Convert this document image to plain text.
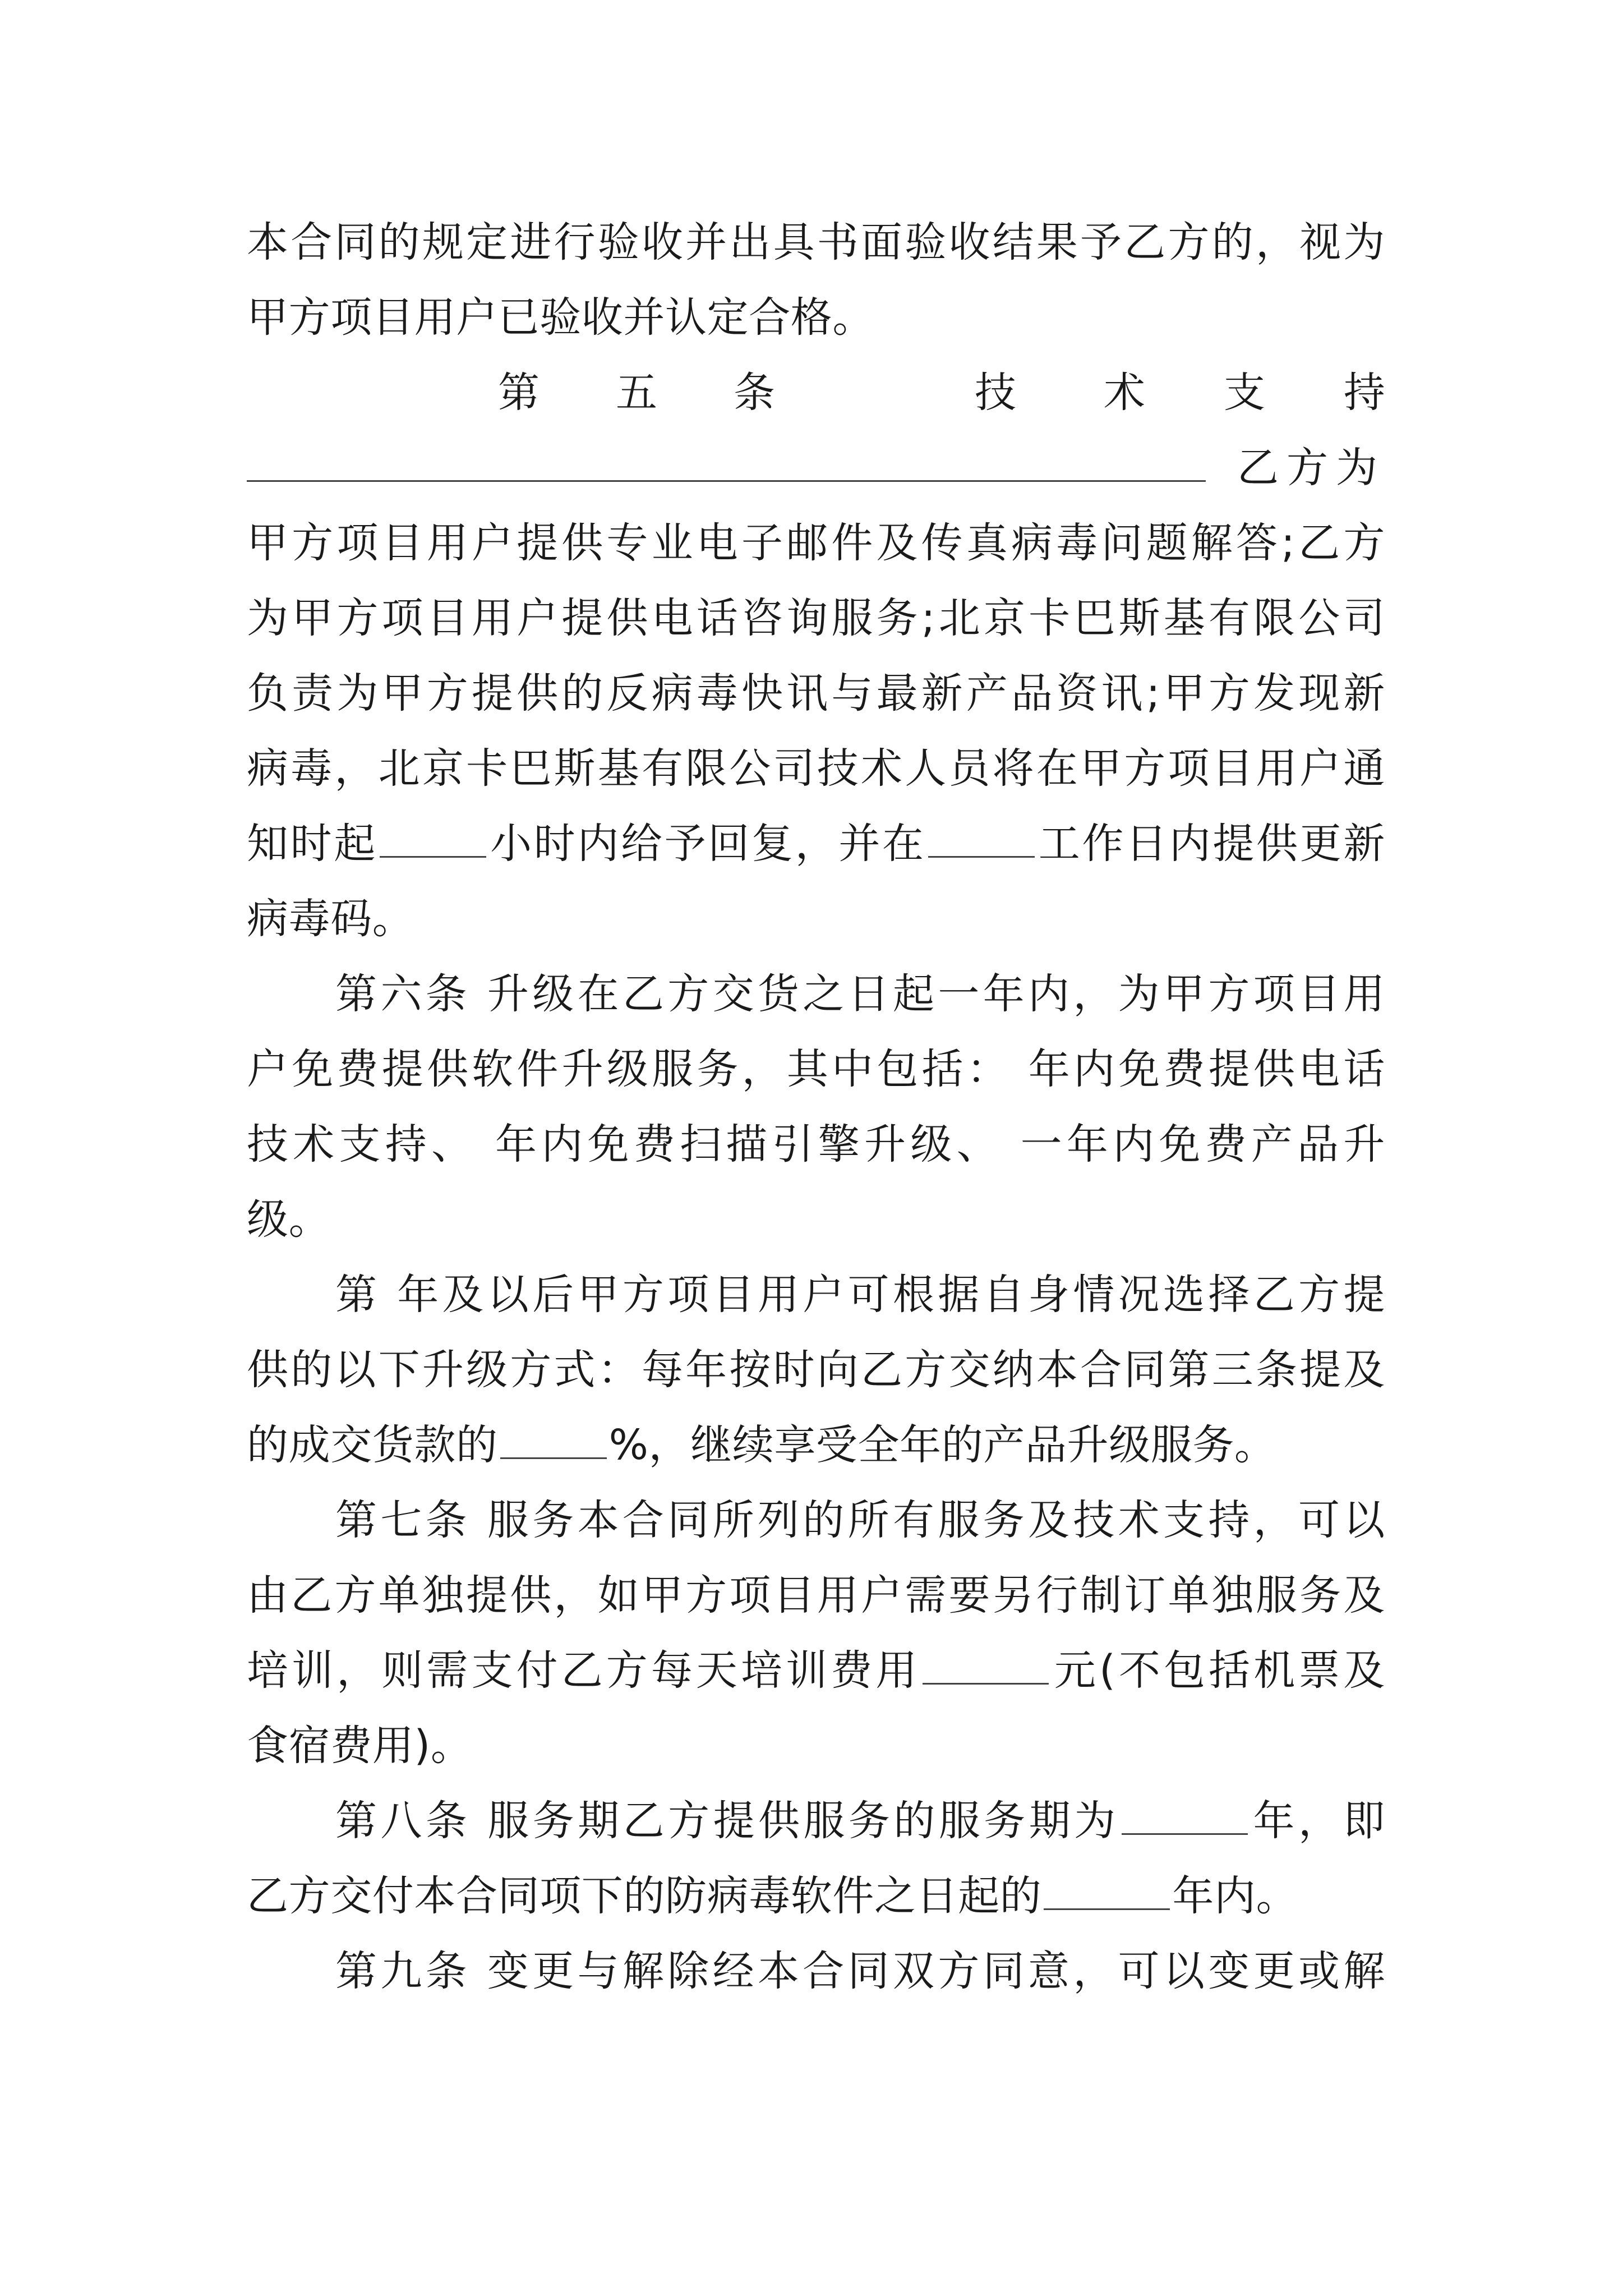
本合同的规定进行验收并出具书面验收结果予乙方的，视为
甲方项目用户已验收并认定合格。
第 五 条	技 术 支 持
乙方为
甲方项目用户提供专业电子邮件及传真病毒问题解答;乙方
为甲方项目用户提供电话咨询服务;北京卡巴斯基有限公司
负责为甲方提供的反病毒快讯与最新产品资讯;甲方发现新
病毒，北京卡巴斯基有限公司技术人员将在甲方项目用户通
知时起	小时内给予回复，并在	工作日内提供更新
病毒码。
第六条 升级在乙方交货之日起一年内，为甲方项目用
户免费提供软件升级服务，其中包括： 年内免费提供电话
技术支持、 年内免费扫描引擎升级、 一年内免费产品升
级。
第 年及以后甲方项目用户可根据自身情况选择乙方提
供的以下升级方式：每年按时向乙方交纳本合同第三条提及
的成交货款的	%，继续享受全年的产品升级服务。
第七条 服务本合同所列的所有服务及技术支持，可以
由乙方单独提供，如甲方项目用户需要另行制订单独服务及
培训，则需支付乙方每天培训费用	元(不包括机票及
食宿费用)。
第八条 服务期乙方提供服务的服务期为	年，即
乙方交付本合同项下的防病毒软件之日起的	年内。
第九条 变更与解除经本合同双方同意，可以变更或解
